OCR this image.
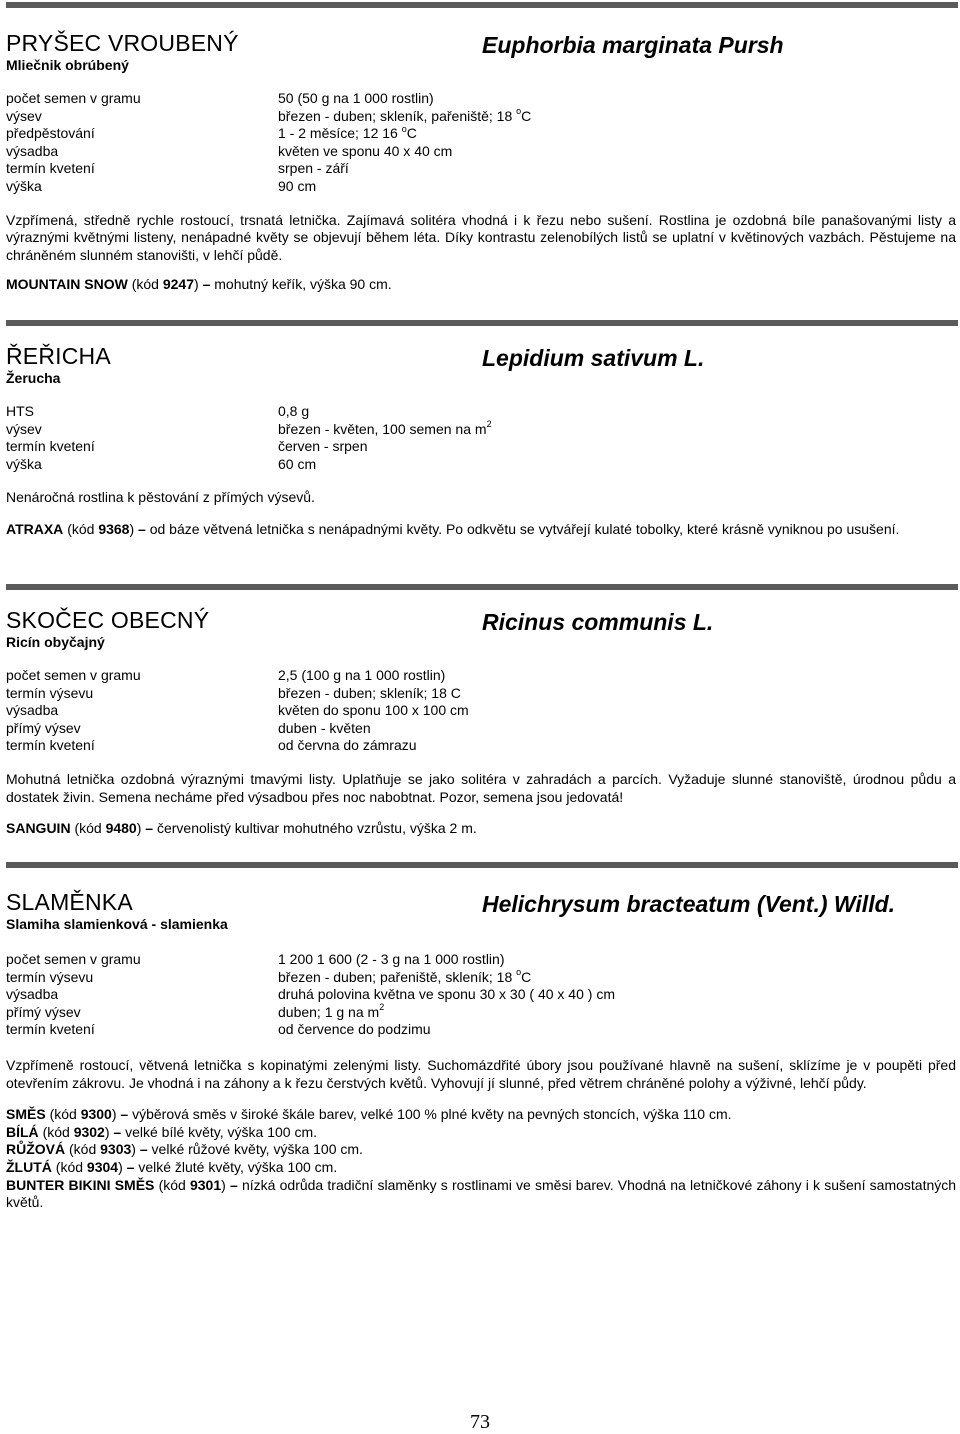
PRYŠEC VROUBENÝ
Mliečnik obrúbený
Euphorbia marginata Pursh
počet semen v gramu	50 (50 g na 1 000 rostlin)
výsev	březen - duben; skleník, pařeniště; 18 $^o$C
předpěstování	1 - 2 měsíce; 12 16 $^o$C
výsadba	květen ve sponu 40 x 40 cm
termín kvetení	srpen - září
výška	90 cm

Vzpřímená, středně rychle rostoucí, trsnatá letnička. Zajímavá solitéra vhodná i k řezu nebo sušení. Rostlina je ozdobná bíle panašovanými listy a výraznými květnými listeny, nenápadné květy se objevují během léta. Díky kontrastu zelenobílých listů se uplatní v květinových vazbách. Pěstujeme na chráněném slunném stanovišti, v lehčí půdě.

MOUNTAIN SNOW (kód 9247) – mohutný keřík, výška 90 cm.

ŘEŘICHA
Žerucha
Lepidium sativum L.
HTS	0,8 g
výsev	březen - květen, 100 semen na $m^2$
termín kvetení	červen - srpen
výška	60 cm

Nenáročná rostlina k pěstování z přímých výsevů.

ATRAXA (kód 9368) – od báze větvená letnička s nenápadnými květy. Po odkvětu se vytvářejí kulaté tobolky, které krásně vyniknou po usušení.

SKOČEC OBECNÝ
Ricín obyčajný
Ricinus communis L.
počet semen v gramu	2,5 (100 g na 1 000 rostlin)
termín výsevu	březen - duben; skleník; 18 C
výsadba	květen do sponu 100 x 100 cm
přímý výsev	duben - květen
termín kvetení	od června do zámrazu

Mohutná letnička ozdobná výraznými tmavými listy. Uplatňuje se jako solitéra v zahradách a parcích. Vyžaduje slunné stanoviště, úrodnou půdu a dostatek živin. Semena necháme před výsadbou přes noc nabobtnat. Pozor, semena jsou jedovatá!

SANGUIN (kód 9480) – červenolistý kultivar mohutného vzrůstu, výška 2 m.

SLAMĚNKA
Slamiha slamienková - slamienka
Helichrysum bracteatum (Vent.) Willd.
počet semen v gramu	1 200 1 600 (2 - 3 g na 1 000 rostlin)
termín výsevu	březen - duben; pařeniště, skleník; 18 $^o$C
výsadba	druhá polovina května ve sponu 30 x 30 ( 40 x 40 ) cm
přímý výsev	duben; 1 g na $m^2$
termín kvetení	od července do podzimu

Vzpřímeně rostoucí, větvená letnička s kopinatými zelenými listy. Suchomázdřité úbory jsou používané hlavně na sušení, sklízíme je v poupěti před otevřením zákrovu. Je vhodná i na záhony a k řezu čerstvých květů. Vyhovují jí slunné, před větrem chráněné polohy a výživné, lehčí půdy.

SMĚS (kód 9300) – výběrová směs v široké škále barev, velké 100 % plné květy na pevných stoncích, výška 110 cm.

BÍLÁ (kód 9302) – velké bílé květy, výška 100 cm.

RŮŽOVÁ (kód 9303) – velké růžové květy, výška 100 cm.

ŽLUTÁ (kód 9304) – velké žluté květy, výška 100 cm.

BUNTER BIKINI SMĚS (kód 9301) – nízká odrůda tradiční slaměnky s rostlinami ve směsi barev. Vhodná na letničkové záhony i k sušení samostatných květů.

73
